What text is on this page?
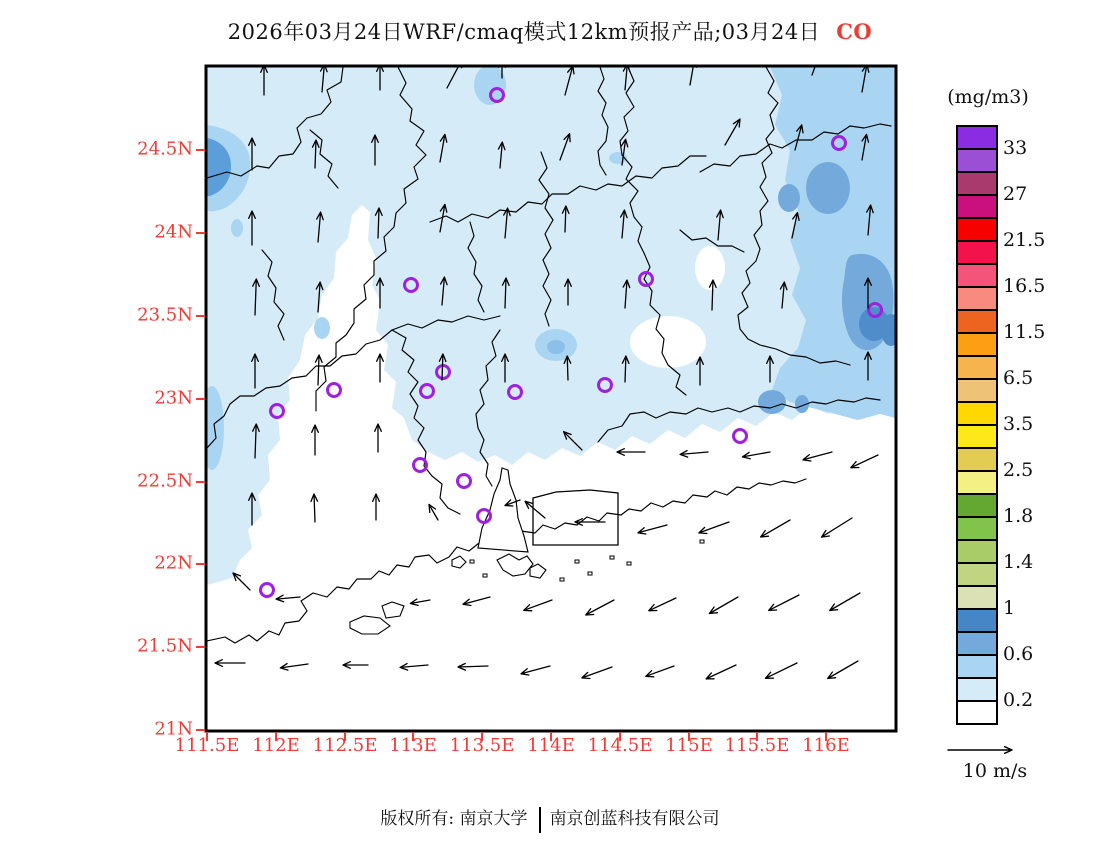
2026年03月24日WRF/cmaq模式12km预报产品;03月24日 CO
24.5N
24N
23.5N
23N
22.5N
22N
21.5N
21N
111.5E 112E 112.5E 113E 113.5E 114E 114.5E 115E 115.5E 116E
(mg/m3)
33
27
21.5
16.5
11.5
6.5
3.5
2.5
1.8
1.4
1
0.6
0.2
10 m/s
版权所有: 南京大学 南京创蓝科技有限公司
